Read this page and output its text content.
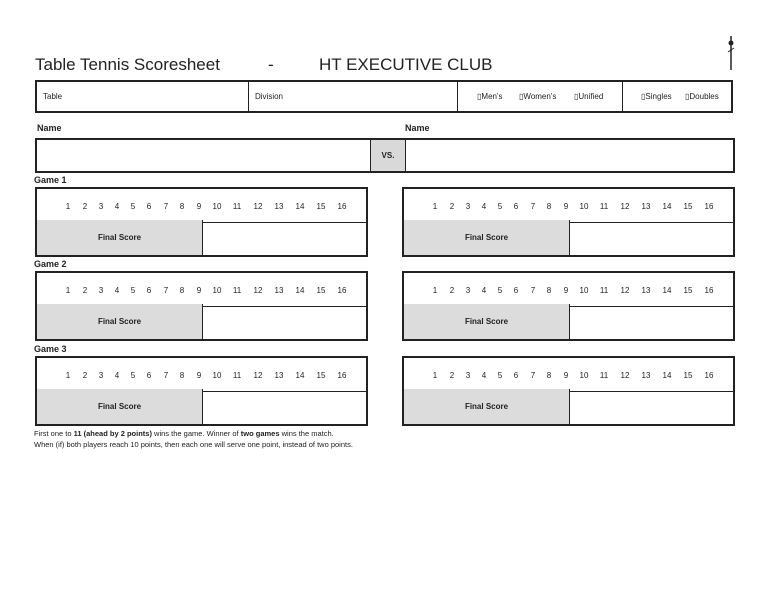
Table Tennis Scoresheet	-	HT EXECUTIVE CLUB
Table	Division	▯Men's ▯Women's ▯Unified	▯Singles ▯Doubles
Name	Name
VS.
Game 1
Game 2
Game 3
1 2 3 4 5 6 7 8 9 10 11 12 13 14 15 16
Final Score
1 2 3 4 5 6 7 8 9 10 11 12 13 14 15 16
Final Score
1 2 3 4 5 6 7 8 9 10 11 12 13 14 15 16
Final Score
1 2 3 4 5 6 7 8 9 10 11 12 13 14 15 16
Final Score
1 2 3 4 5 6 7 8 9 10 11 12 13 14 15 16
Final Score
1 2 3 4 5 6 7 8 9 10 11 12 13 14 15 16
Final Score
First one to 11 (ahead by 2 points) wins the game. Winner of two games wins the match.
When (if) both players reach 10 points, then each one will serve one point, instead of two points.
